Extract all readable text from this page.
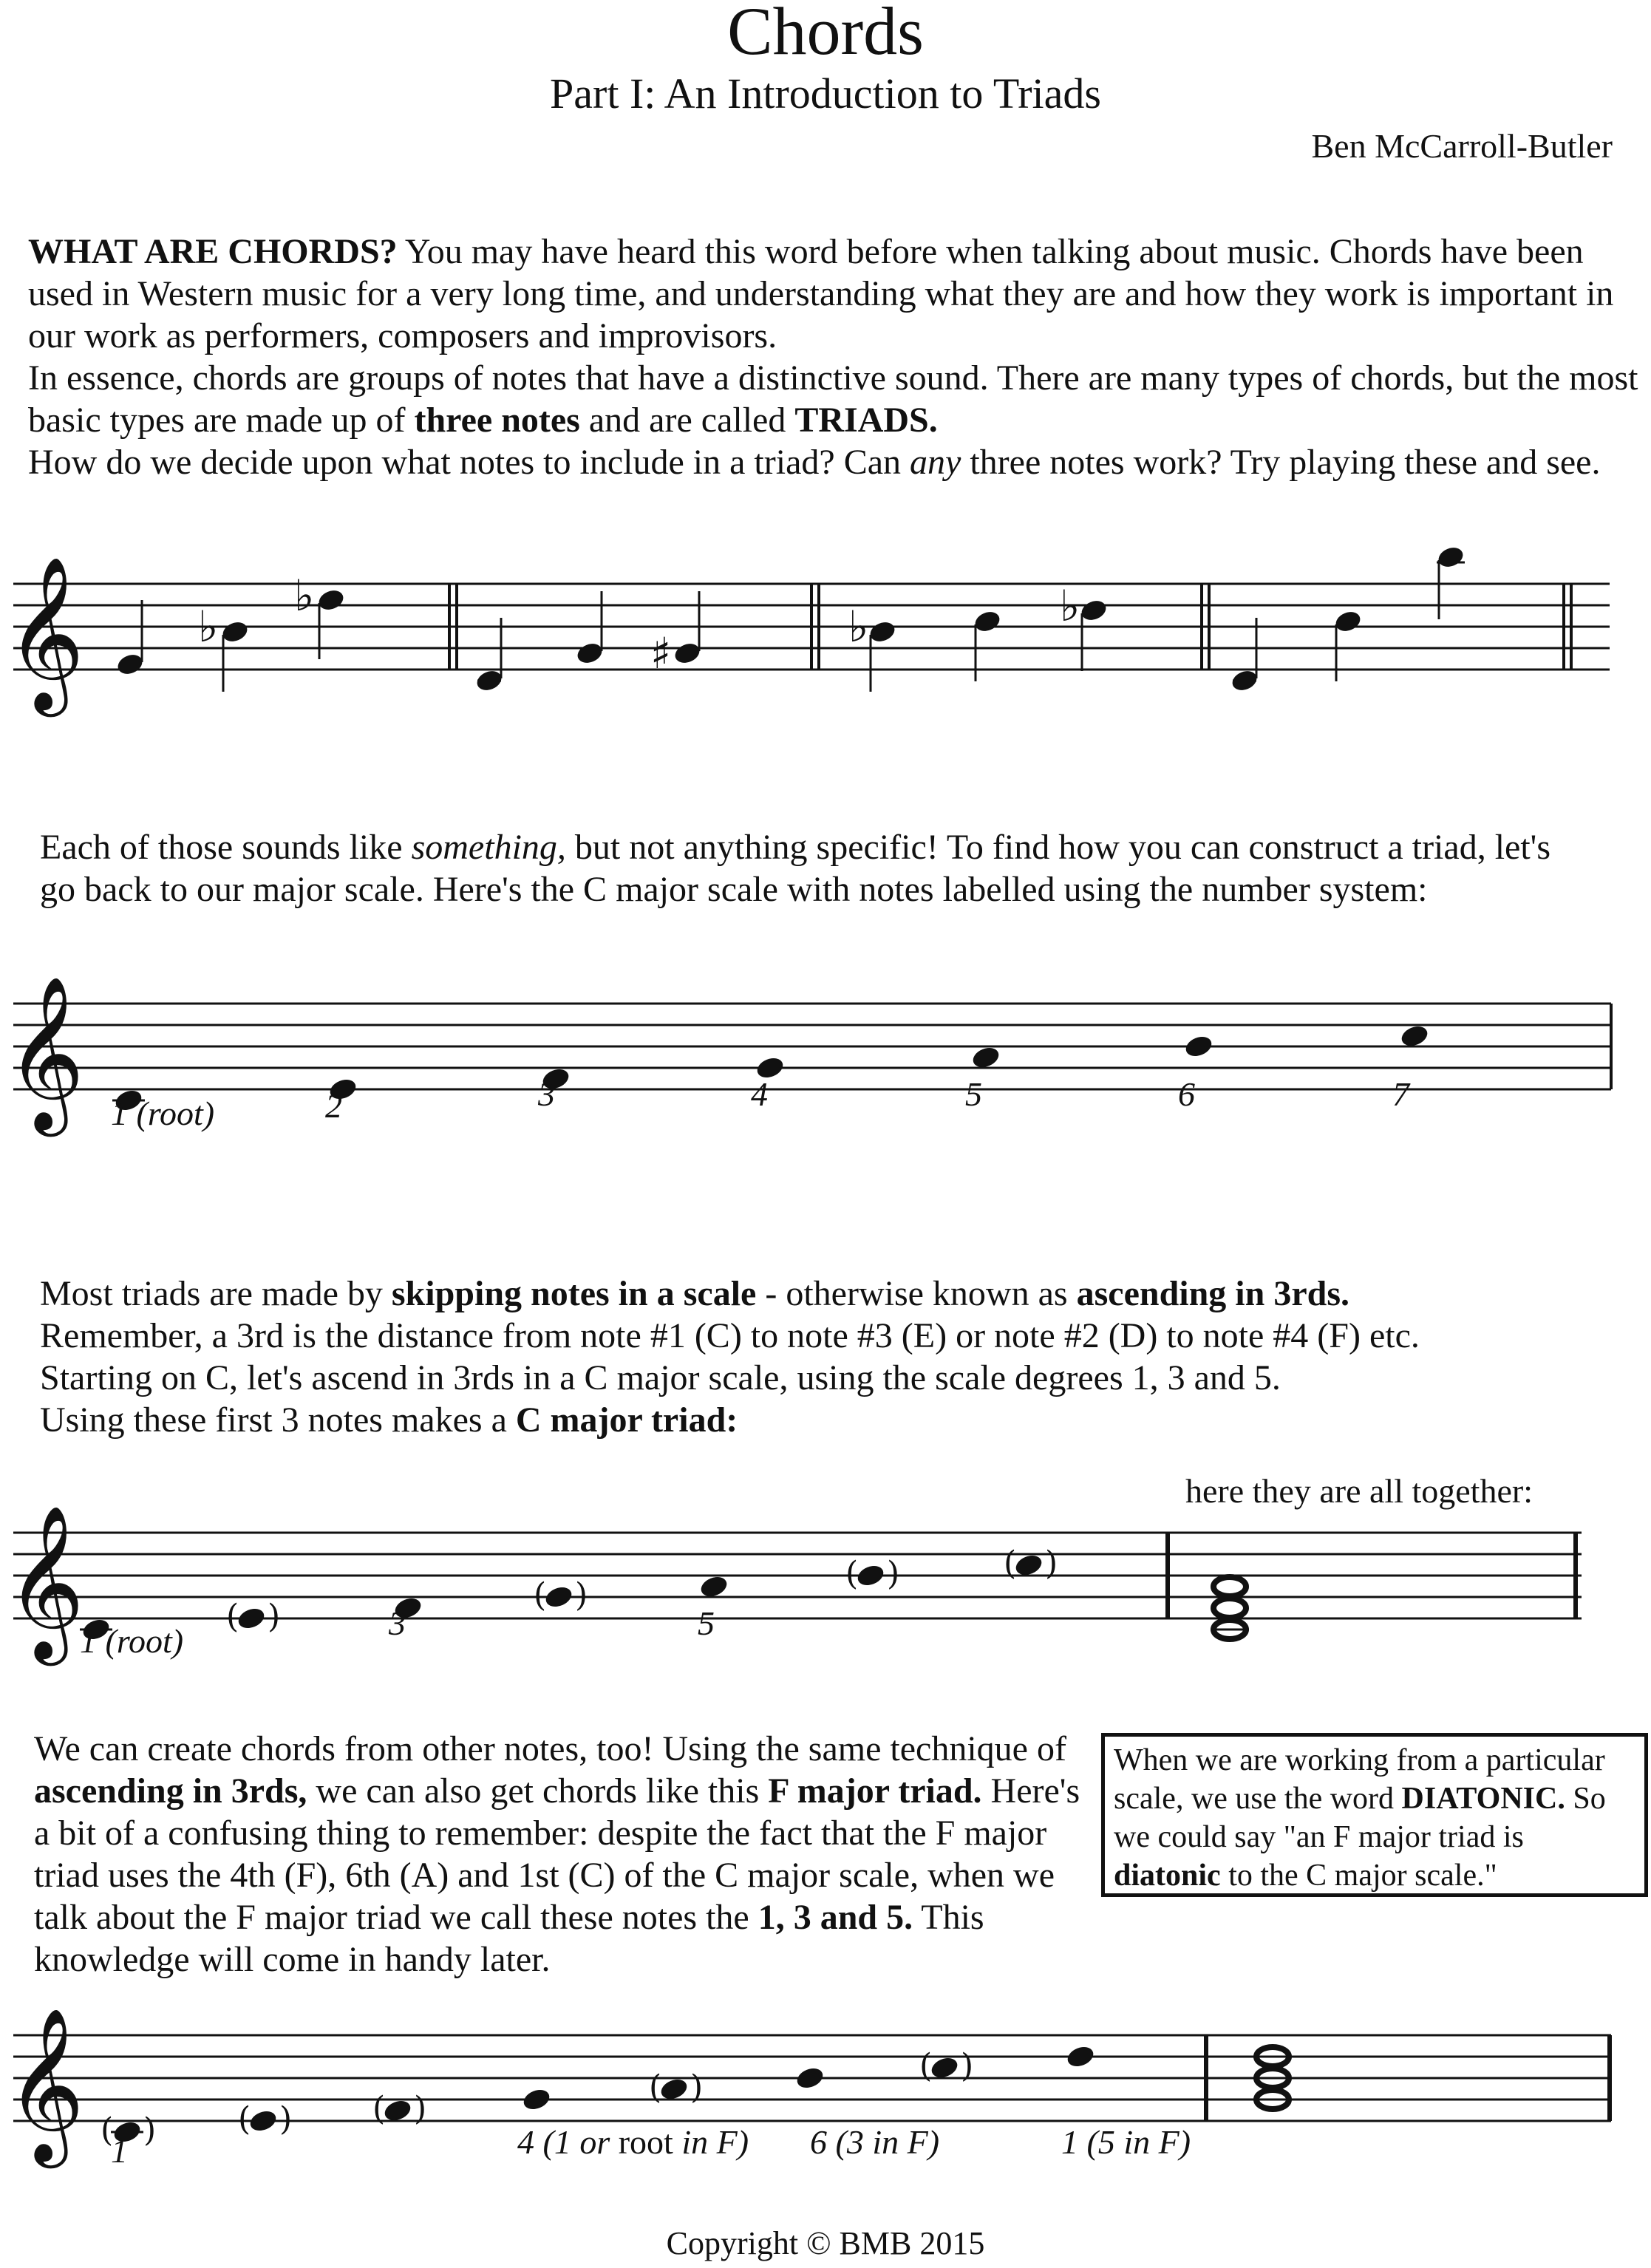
Chords
Part I: An Introduction to Triads
Ben McCarroll-Butler
WHAT ARE CHORDS? You may have heard this word before when talking about music. Chords have been used in Western music for a very long time, and understanding what they are and how they work is important in our work as performers, composers and improvisors.
In essence, chords are groups of notes that have a distinctive sound. There are many types of chords, but the most basic types are made up of three notes and are called TRIADS.
How do we decide upon what notes to include in a triad? Can any three notes work? Try playing these and see.
𝄞	♭
♭
♯
♭	♭
Each of those sounds like something, but not anything specific! To find how you can construct a triad, let's go back to our major scale. Here's the C major scale with notes labelled using the number system:
𝄞 1 (root)	2	3	4	5	6	7
Most triads are made by skipping notes in a scale - otherwise known as ascending in 3rds.
Remember, a 3rd is the distance from note #1 (C) to note #3 (E) or note #2 (D) to note #4 (F) etc.
Starting on C, let's ascend in 3rds in a C major scale, using the scale degrees 1, 3 and 5.
Using these first 3 notes makes a C major triad:
here they are all together:
𝄞	( )
( )
( )	( )
1 (root)	3	5
We can create chords from other notes, too! Using the same technique of ascending in 3rds, we can also get chords like this F major triad. Here's a bit of a confusing thing to remember: despite the fact that the F major triad uses the 4th (F), 6th (A) and 1st (C) of the C major scale, when we talk about the F major triad we call these notes the 1, 3 and 5. This knowledge will come in handy later.
When we are working from a particular scale, we use the word DIATONIC. So we could say "an F major triad is diatonic to the C major scale."
𝄞 ( )	( ) ( )
( )
( )
1	4 (1 or root in F) 6 (3 in F)	1 (5 in F)
Copyright © BMB 2015
